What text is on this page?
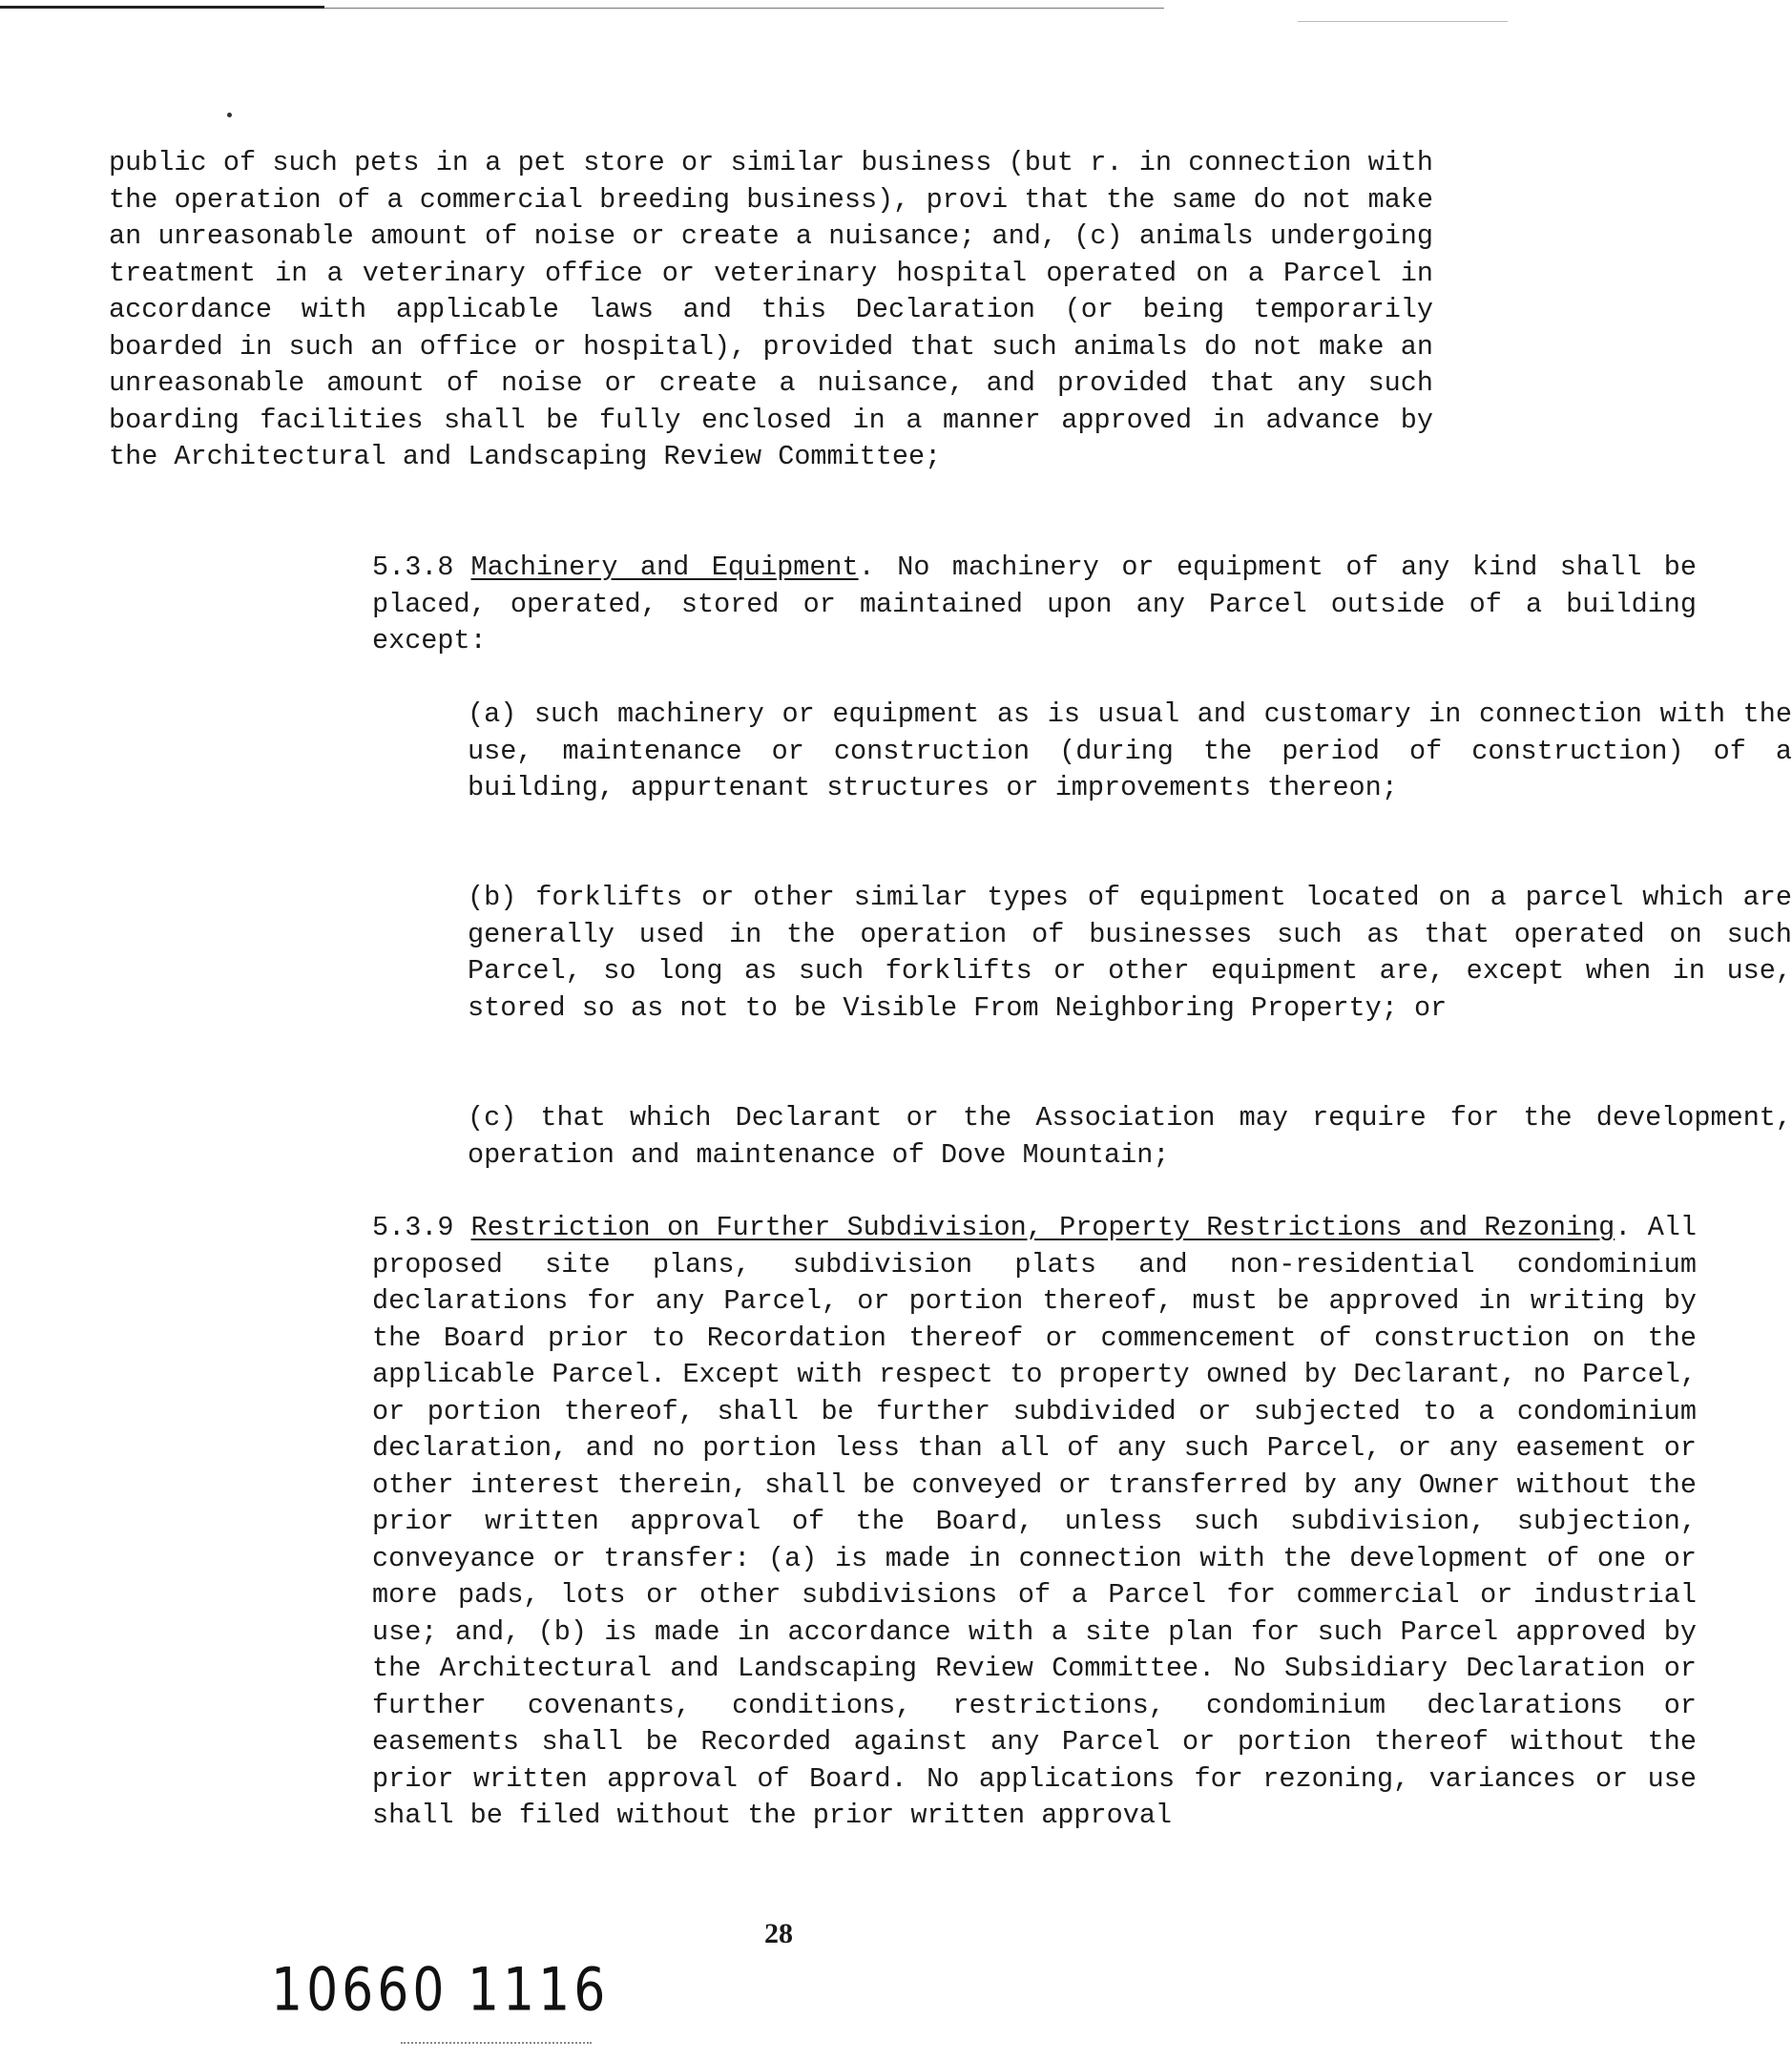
public of such pets in a pet store or similar business (but r. in connection with the operation of a commercial breeding business), provi that the same do not make an unreasonable amount of noise or create a nuisance; and, (c) animals undergoing treatment in a veterinary office or veterinary hospital operated on a Parcel in accordance with applicable laws and this Declaration (or being temporarily boarded in such an office or hospital), provided that such animals do not make an unreasonable amount of noise or create a nuisance, and provided that any such boarding facilities shall be fully enclosed in a manner approved in advance by the Architectural and Landscaping Review Committee;

5.3.8 Machinery and Equipment. No machinery or equipment of any kind shall be placed, operated, stored or maintained upon any Parcel outside of a building except:

(a) such machinery or equipment as is usual and customary in connection with the use, maintenance or construction (during the period of construction) of a building, appurtenant structures or improvements thereon;

(b) forklifts or other similar types of equipment located on a parcel which are generally used in the operation of businesses such as that operated on such Parcel, so long as such forklifts or other equipment are, except when in use, stored so as not to be Visible From Neighboring Property; or

(c) that which Declarant or the Association may require for the development, operation and maintenance of Dove Mountain;

5.3.9 Restriction on Further Subdivision, Property Restrictions and Rezoning. All proposed site plans, subdivision plats and non-residential condominium declarations for any Parcel, or portion thereof, must be approved in writing by the Board prior to Recordation thereof or commencement of construction on the applicable Parcel. Except with respect to property owned by Declarant, no Parcel, or portion thereof, shall be further subdivided or subjected to a condominium declaration, and no portion less than all of any such Parcel, or any easement or other interest therein, shall be conveyed or transferred by any Owner without the prior written approval of the Board, unless such subdivision, subjection, conveyance or transfer: (a) is made in connection with the development of one or more pads, lots or other subdivisions of a Parcel for commercial or industrial use; and, (b) is made in accordance with a site plan for such Parcel approved by the Architectural and Landscaping Review Committee. No Subsidiary Declaration or further covenants, conditions, restrictions, condominium declarations or easements shall be Recorded against any Parcel or portion thereof without the prior written approval of Board. No applications for rezoning, variances or use shall be filed without the prior written approval

28
10660 1116
